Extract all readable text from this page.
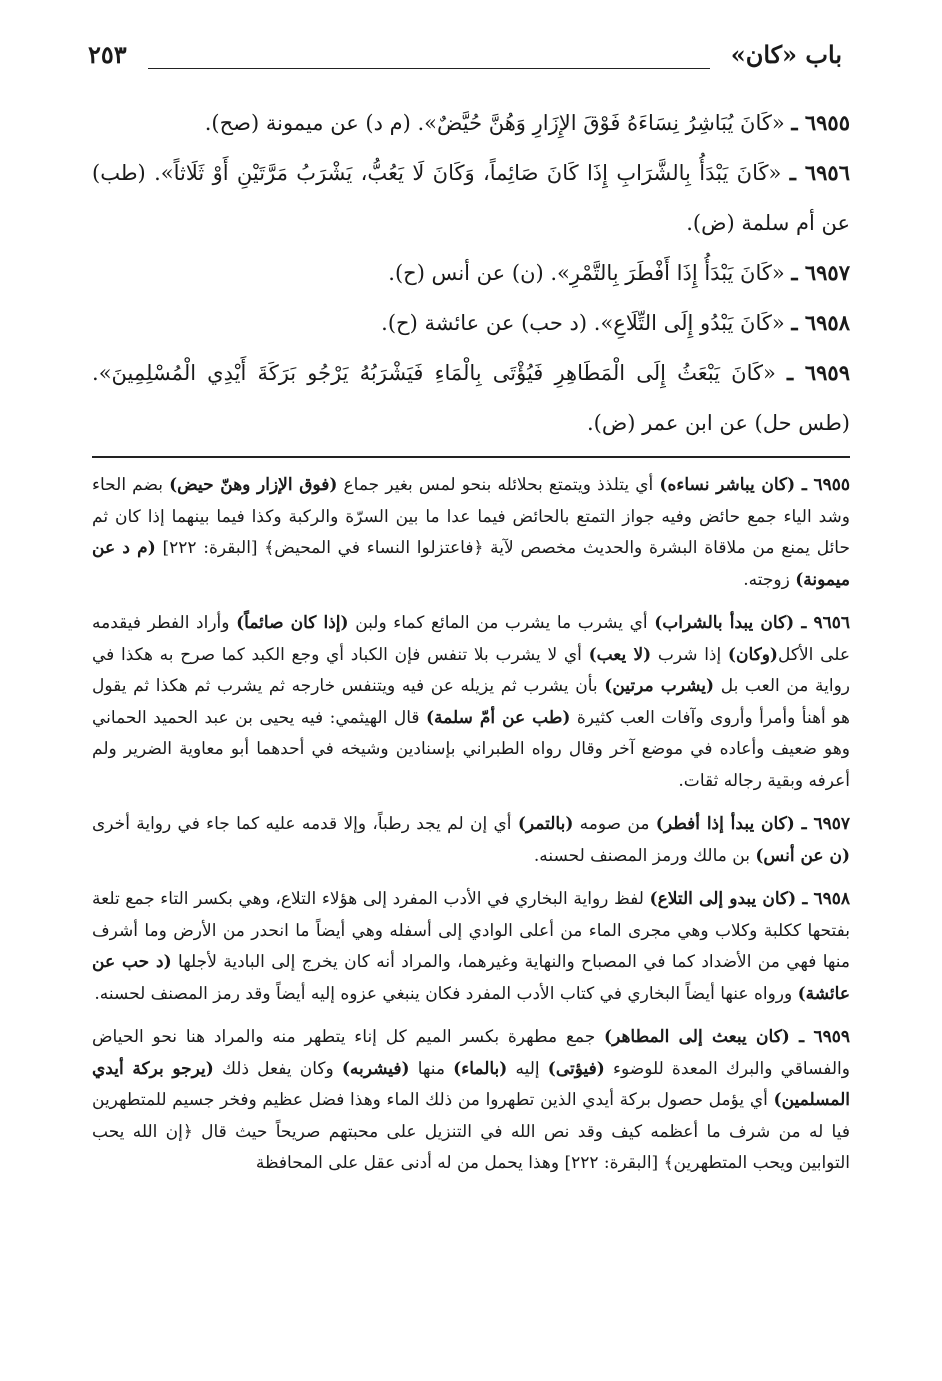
باب «كان»
٢٥٣
٦٩٥٥ ـ «كَانَ يُبَاشِرُ نِسَاءَهُ فَوْقَ الإِزَارِ وَهُنَّ حُيَّضٌ». (م د) عن ميمونة (صح).
٦٩٥٦ ـ «كَانَ يَبْدَأُ بِالشَّرَابِ إِذَا كَانَ صَائِماً، وَكَانَ لَا يَعُبُّ، يَشْرَبُ مَرَّتَيْنِ أَوْ ثَلَاثاً». (طب) عن أم سلمة (ض).
٦٩٥٧ ـ «كَانَ يَبْدَأُ إِذَا أَفْطَرَ بِالتَّمْرِ». (ن) عن أنس (ح).
٦٩٥٨ ـ «كَانَ يَبْدُو إِلَى التِّلَاعِ». (د حب) عن عائشة (ح).
٦٩٥٩ ـ «كَانَ يَبْعَثُ إِلَى الْمَطَاهِرِ فَيُؤْتَى بِالْمَاءِ فَيَشْرَبُهُ يَرْجُو بَرَكَةَ أَيْدِي الْمُسْلِمِينَ». (طس حل) عن ابن عمر (ض).

٦٩٥٥ ـ (كان يباشر نساءه) أي يتلذذ ويتمتع بحلائله بنحو لمس بغير جماع (فوق الإزار وهنّ حيض) بضم الحاء وشد الياء جمع حائض وفيه جواز التمتع بالحائض فيما عدا ما بين السرّة والركبة وكذا فيما بينهما إذا كان ثم حائل يمنع من ملاقاة البشرة والحديث مخصص لآية ﴿فاعتزلوا النساء في المحيض﴾ [البقرة: ٢٢٢] (م د عن ميمونة) زوجته.

٩٦٥٦ ـ (كان يبدأ بالشراب) أي يشرب ما يشرب من المائع كماء ولبن (إذا كان صائماً) وأراد الفطر فيقدمه على الأكل(وكان) إذا شرب (لا يعب) أي لا يشرب بلا تنفس فإن الكباد أي وجع الكبد كما صرح به هكذا في رواية من العب بل (يشرب مرتين) بأن يشرب ثم يزيله عن فيه ويتنفس خارجه ثم يشرب ثم هكذا ثم يقول هو أهنأ وأمرأ وأروى وآفات العب كثيرة (طب عن أمّ سلمة) قال الهيثمي: فيه يحيى بن عبد الحميد الحماني وهو ضعيف وأعاده في موضع آخر وقال رواه الطبراني بإسنادين وشيخه في أحدهما أبو معاوية الضرير ولم أعرفه وبقية رجاله ثقات.

٦٩٥٧ ـ (كان يبدأ إذا أفطر) من صومه (بالتمر) أي إن لم يجد رطباً، وإلا قدمه عليه كما جاء في رواية أخرى (ن عن أنس) بن مالك ورمز المصنف لحسنه.

٦٩٥٨ ـ (كان يبدو إلى التلاع) لفظ رواية البخاري في الأدب المفرد إلى هؤلاء التلاع، وهي بكسر التاء جمع تلعة بفتحها ككلبة وكلاب وهي مجرى الماء من أعلى الوادي إلى أسفله وهي أيضاً ما انحدر من الأرض وما أشرف منها فهي من الأضداد كما في المصباح والنهاية وغيرهما، والمراد أنه كان يخرج إلى البادية لأجلها (د حب عن عائشة) ورواه عنها أيضاً البخاري في كتاب الأدب المفرد فكان ينبغي عزوه إليه أيضاً وقد رمز المصنف لحسنه.

٦٩٥٩ ـ (كان يبعث إلى المطاهر) جمع مطهرة بكسر الميم كل إناء يتطهر منه والمراد هنا نحو الحياض والفساقي والبرك المعدة للوضوء (فيؤتى) إليه (بالماء) منها (فيشربه) وكان يفعل ذلك (يرجو بركة أيدي المسلمين) أي يؤمل حصول بركة أيدي الذين تطهروا من ذلك الماء وهذا فضل عظيم وفخر جسيم للمتطهرين فيا له من شرف ما أعظمه كيف وقد نص الله في التنزيل على محبتهم صريحاً حيث قال ﴿إن الله يحب التوابين ويحب المتطهرين﴾ [البقرة: ٢٢٢] وهذا يحمل من له أدنى عقل على المحافظة
